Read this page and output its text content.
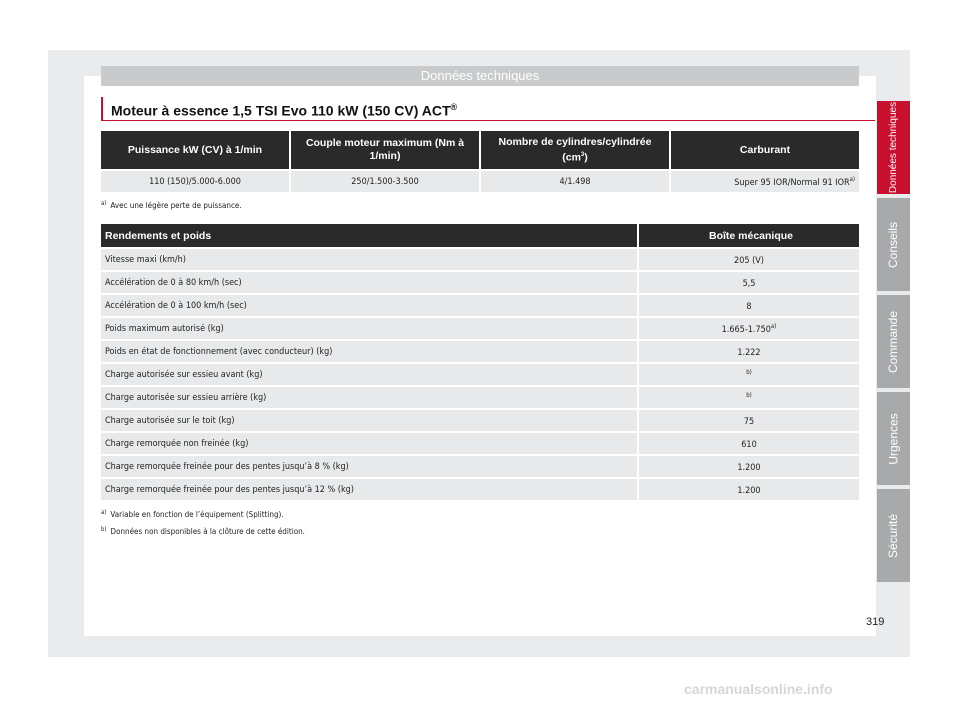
Données techniques
Moteur à essence 1,5 TSI Evo 110 kW (150 CV) ACT®
Puissance kW (CV) à 1/min	Couple moteur maximum (Nm à 1/min)	Nombre de cylindres/cylindrée $(cm^3)$	Carburant
110 (150)/5.000-6.000	250/1.500-3.500	4/1.498	Super 95 IOR/Normal 91 IOR$^{a)}$
$^{a)}$ Avec une légère perte de puissance.
Rendements et poids	Boîte mécanique
Vitesse maxi (km/h)	205 (V)
Accélération de 0 à 80 km/h (sec)	5,5
Accélération de 0 à 100 km/h (sec)	8
Poids maximum autorisé (kg)	1.665-1.750$^{a)}$
Poids en état de fonctionnement (avec conducteur) (kg)	1.222
Charge autorisée sur essieu avant (kg)	$^{b)}$
Charge autorisée sur essieu arrière (kg)	$^{b)}$
Charge autorisée sur le toit (kg)	75
Charge remorquée non freinée (kg)	610
Charge remorquée freinée pour des pentes jusqu’à 8 % (kg)	1.200
Charge remorquée freinée pour des pentes jusqu’à 12 % (kg)	1.200
$^{a)}$ Variable en fonction de l’équipement (Splitting).
$^{b)}$ Données non disponibles à la clôture de cette édition.
Données techniques
Conseils
Commande
Urgences
Sécurité
319
carmanualsonline.info
